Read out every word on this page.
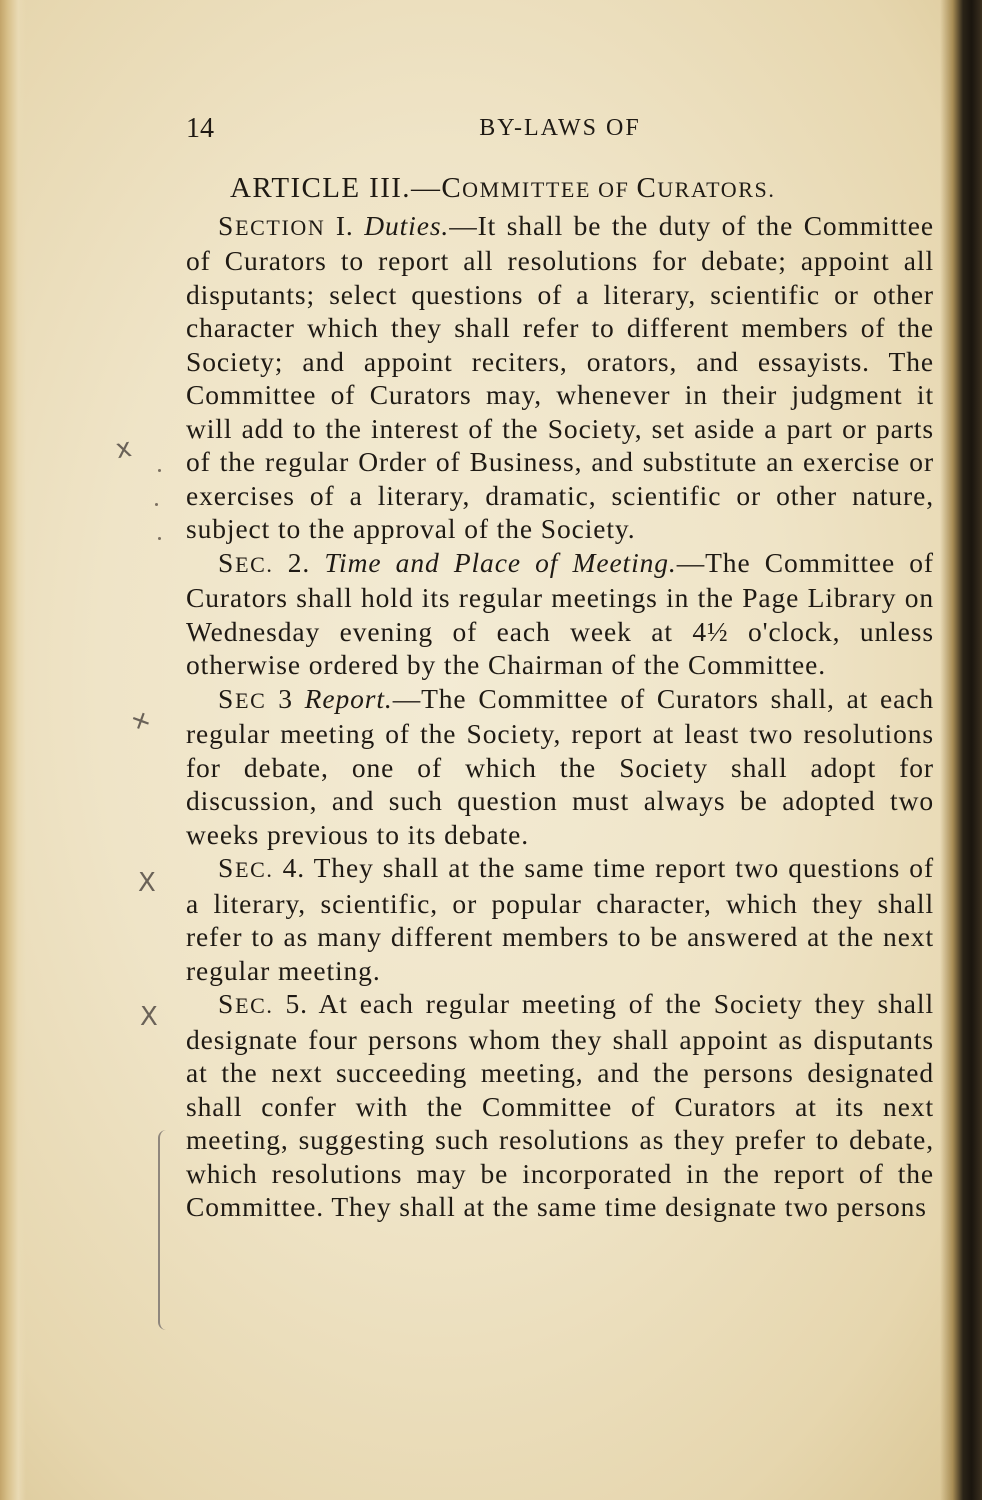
14	BY-LAWS OF
ARTICLE III.—COMMITTEE OF CURATORS.

SECTION I. Duties.—It shall be the duty of the Committee of Curators to report all resolutions for debate; appoint all disputants; select questions of a literary, scientific or other character which they shall refer to different members of the Society; and appoint reciters, orators, and essayists. The Committee of Curators may, whenever in their judgment it will add to the interest of the Society, set aside a part or parts of the regular Order of Business, and substitute an exercise or exercises of a literary, dramatic, scientific or other nature, subject to the approval of the Society.

SEC. 2. Time and Place of Meeting.—The Committee of Curators shall hold its regular meetings in the Page Library on Wednesday evening of each week at 4½ o'clock, unless otherwise ordered by the Chairman of the Committee.

SEC 3 Report.—The Committee of Curators shall, at each regular meeting of the Society, report at least two resolutions for debate, one of which the Society shall adopt for discussion, and such question must always be adopted two weeks previous to its debate.

SEC. 4. They shall at the same time report two questions of a literary, scientific, or popular character, which they shall refer to as many different members to be answered at the next regular meeting.

SEC. 5. At each regular meeting of the Society they shall designate four persons whom they shall appoint as disputants at the next succeeding meeting, and the persons designated shall confer with the Committee of Curators at its next meeting, suggesting such resolutions as they prefer to debate, which resolutions may be incorporated in the report of the Committee. They shall at the same time designate two persons

x
+
X
X
